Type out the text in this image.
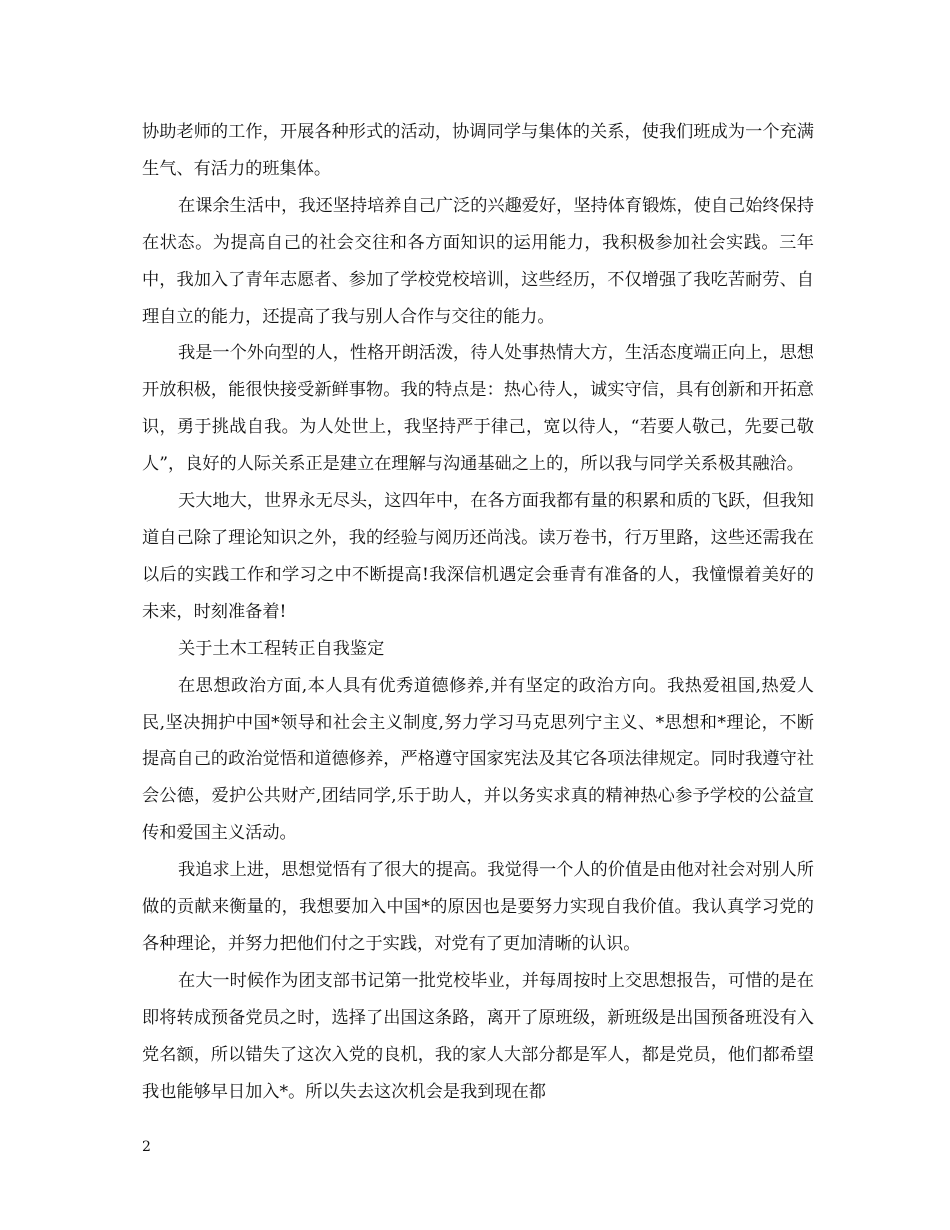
协助老师的工作，开展各种形式的活动，协调同学与集体的关系，使我们班成为一个充满生气、有活力的班集体。

在课余生活中，我还坚持培养自己广泛的兴趣爱好，坚持体育锻炼，使自己始终保持在状态。为提高自己的社会交往和各方面知识的运用能力，我积极参加社会实践。三年中，我加入了青年志愿者、参加了学校党校培训，这些经历，不仅增强了我吃苦耐劳、自理自立的能力，还提高了我与别人合作与交往的能力。

我是一个外向型的人，性格开朗活泼，待人处事热情大方，生活态度端正向上，思想开放积极，能很快接受新鲜事物。我的特点是：热心待人，诚实守信，具有创新和开拓意识，勇于挑战自我。为人处世上，我坚持严于律己，宽以待人，“若要人敬己，先要己敬人”，良好的人际关系正是建立在理解与沟通基础之上的，所以我与同学关系极其融洽。

天大地大，世界永无尽头，这四年中，在各方面我都有量的积累和质的飞跃，但我知道自己除了理论知识之外，我的经验与阅历还尚浅。读万卷书，行万里路，这些还需我在以后的实践工作和学习之中不断提高!我深信机遇定会垂青有准备的人，我憧憬着美好的未来，时刻准备着!

关于土木工程转正自我鉴定

在思想政治方面,本人具有优秀道德修养,并有坚定的政治方向。我热爱祖国,热爱人民,坚决拥护中国*领导和社会主义制度,努力学习马克思列宁主义、*思想和*理论，不断提高自己的政治觉悟和道德修养，严格遵守国家宪法及其它各项法律规定。同时我遵守社会公德，爱护公共财产,团结同学,乐于助人，并以务实求真的精神热心参予学校的公益宣传和爱国主义活动。

我追求上进，思想觉悟有了很大的提高。我觉得一个人的价值是由他对社会对别人所做的贡献来衡量的，我想要加入中国*的原因也是要努力实现自我价值。我认真学习党的各种理论，并努力把他们付之于实践，对党有了更加清晰的认识。

在大一时候作为团支部书记第一批党校毕业，并每周按时上交思想报告，可惜的是在即将转成预备党员之时，选择了出国这条路，离开了原班级，新班级是出国预备班没有入党名额，所以错失了这次入党的良机，我的家人大部分都是军人，都是党员，他们都希望我也能够早日加入*。所以失去这次机会是我到现在都

2
